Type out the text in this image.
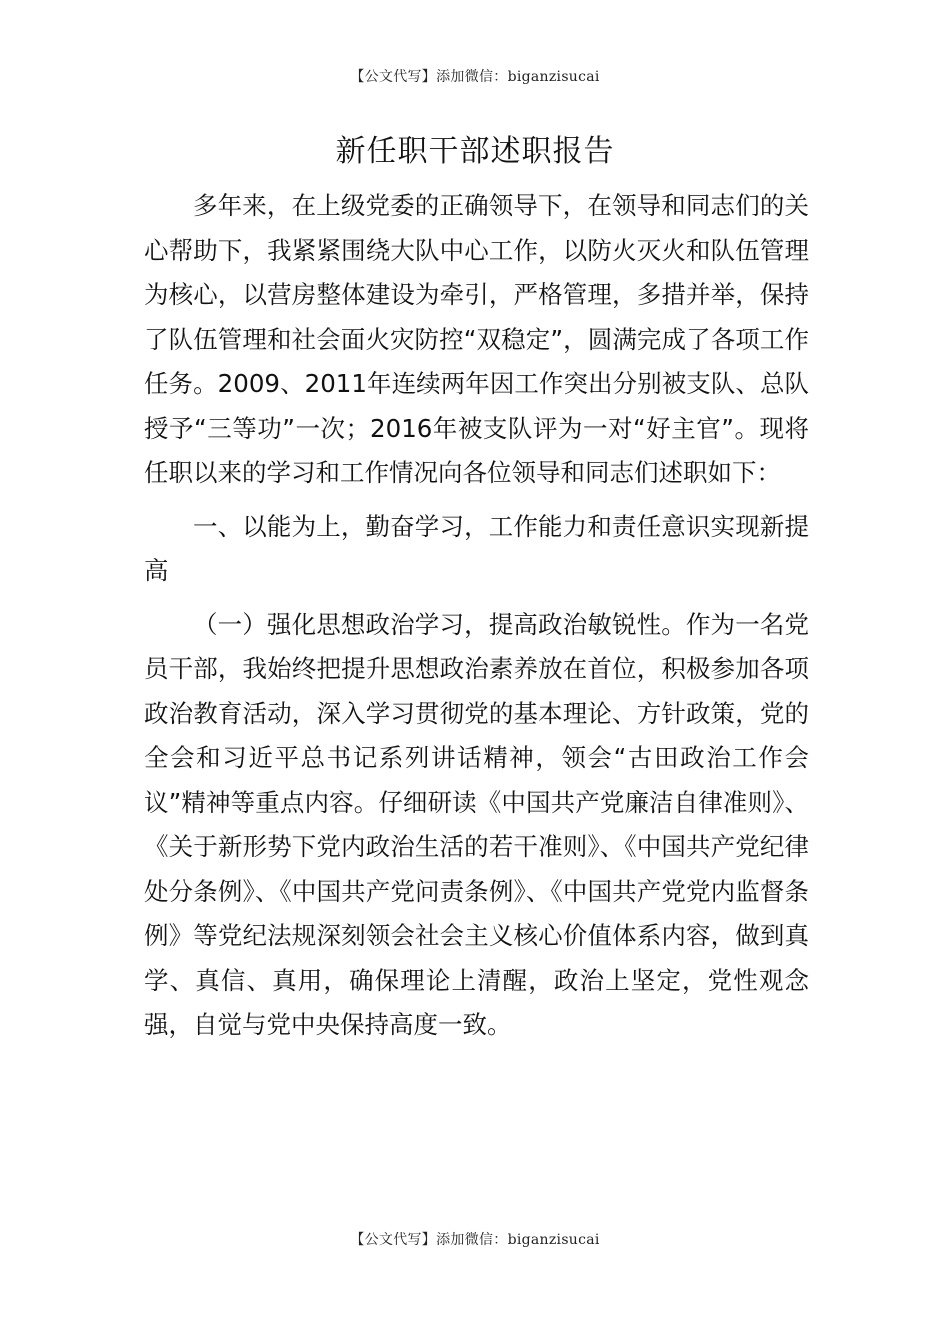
【公文代写】添加微信：biganzisucai
新任职干部述职报告

多年来，在上级党委的正确领导下，在领导和同志们的关心帮助下，我紧紧围绕大队中心工作，以防火灭火和队伍管理为核心，以营房整体建设为牵引，严格管理，多措并举，保持了队伍管理和社会面火灾防控“双稳定”，圆满完成了各项工作任务。2009、2011年连续两年因工作突出分别被支队、总队授予“三等功”一次；2016年被支队评为一对“好主官”。现将任职以来的学习和工作情况向各位领导和同志们述职如下：

一、以能为上，勤奋学习，工作能力和责任意识实现新提高

（一）强化思想政治学习，提高政治敏锐性。作为一名党员干部，我始终把提升思想政治素养放在首位，积极参加各项政治教育活动，深入学习贯彻党的基本理论、方针政策，党的全会和习近平总书记系列讲话精神，领会“古田政治工作会议”精神等重点内容。仔细研读《中国共产党廉洁自律准则》、《关于新形势下党内政治生活的若干准则》、《中国共产党纪律处分条例》、《中国共产党问责条例》、《中国共产党党内监督条例》等党纪法规深刻领会社会主义核心价值体系内容，做到真学、真信、真用，确保理论上清醒，政治上坚定，党性观念强，自觉与党中央保持高度一致。

【公文代写】添加微信：biganzisucai
